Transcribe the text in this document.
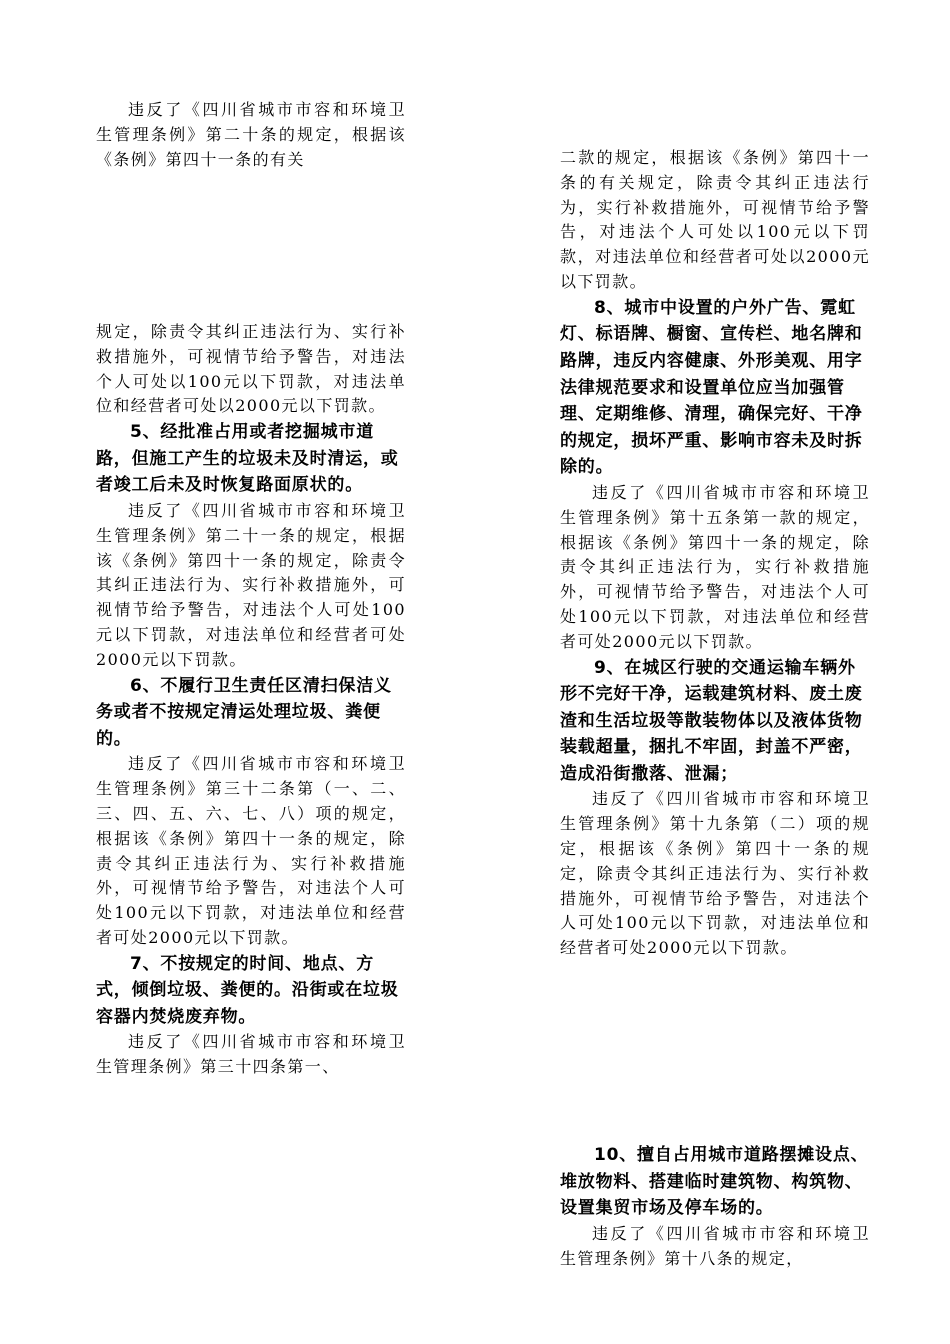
违反了《四川省城市市容和环境卫生管理条例》第二十条的规定，根据该《条例》第四十一条的有关

规定，除责令其纠正违法行为、实行补救措施外，可视情节给予警告，对违法个人可处以100元以下罚款，对违法单位和经营者可处以2000元以下罚款。

5、经批准占用或者挖掘城市道路，但施工产生的垃圾未及时清运，或者竣工后未及时恢复路面原状的。

违反了《四川省城市市容和环境卫生管理条例》第二十一条的规定，根据该《条例》第四十一条的规定，除责令其纠正违法行为、实行补救措施外，可视情节给予警告，对违法个人可处100元以下罚款，对违法单位和经营者可处2000元以下罚款。

6、不履行卫生责任区清扫保洁义务或者不按规定清运处理垃圾、粪便的。

违反了《四川省城市市容和环境卫生管理条例》第三十二条第（一、二、三、四、五、六、七、八）项的规定，根据该《条例》第四十一条的规定，除责令其纠正违法行为、实行补救措施外，可视情节给予警告，对违法个人可处100元以下罚款，对违法单位和经营者可处2000元以下罚款。

7、不按规定的时间、地点、方式，倾倒垃圾、粪便的。沿街或在垃圾容器内焚烧废弃物。

违反了《四川省城市市容和环境卫生管理条例》第三十四条第一、

二款的规定，根据该《条例》第四十一条的有关规定，除责令其纠正违法行为，实行补救措施外，可视情节给予警告，对违法个人可处以100元以下罚款，对违法单位和经营者可处以2000元以下罚款。

8、城市中设置的户外广告、霓虹灯、标语牌、橱窗、宣传栏、地名牌和路牌，违反内容健康、外形美观、用字法律规范要求和设置单位应当加强管理、定期维修、清理，确保完好、干净的规定，损坏严重、影响市容未及时拆除的。

违反了《四川省城市市容和环境卫生管理条例》第十五条第一款的规定，根据该《条例》第四十一条的规定，除责令其纠正违法行为，实行补救措施外，可视情节给予警告，对违法个人可处100元以下罚款，对违法单位和经营者可处2000元以下罚款。

9、在城区行驶的交通运输车辆外形不完好干净，运载建筑材料、废土废渣和生活垃圾等散装物体以及液体货物装载超量，捆扎不牢固，封盖不严密，造成沿街撒落、泄漏；

违反了《四川省城市市容和环境卫生管理条例》第十九条第（二）项的规定，根据该《条例》第四十一条的规定，除责令其纠正违法行为、实行补救措施外，可视情节给予警告，对违法个人可处100元以下罚款，对违法单位和经营者可处2000元以下罚款。

10、擅自占用城市道路摆摊设点、堆放物料、搭建临时建筑物、构筑物、设置集贸市场及停车场的。

违反了《四川省城市市容和环境卫生管理条例》第十八条的规定，
